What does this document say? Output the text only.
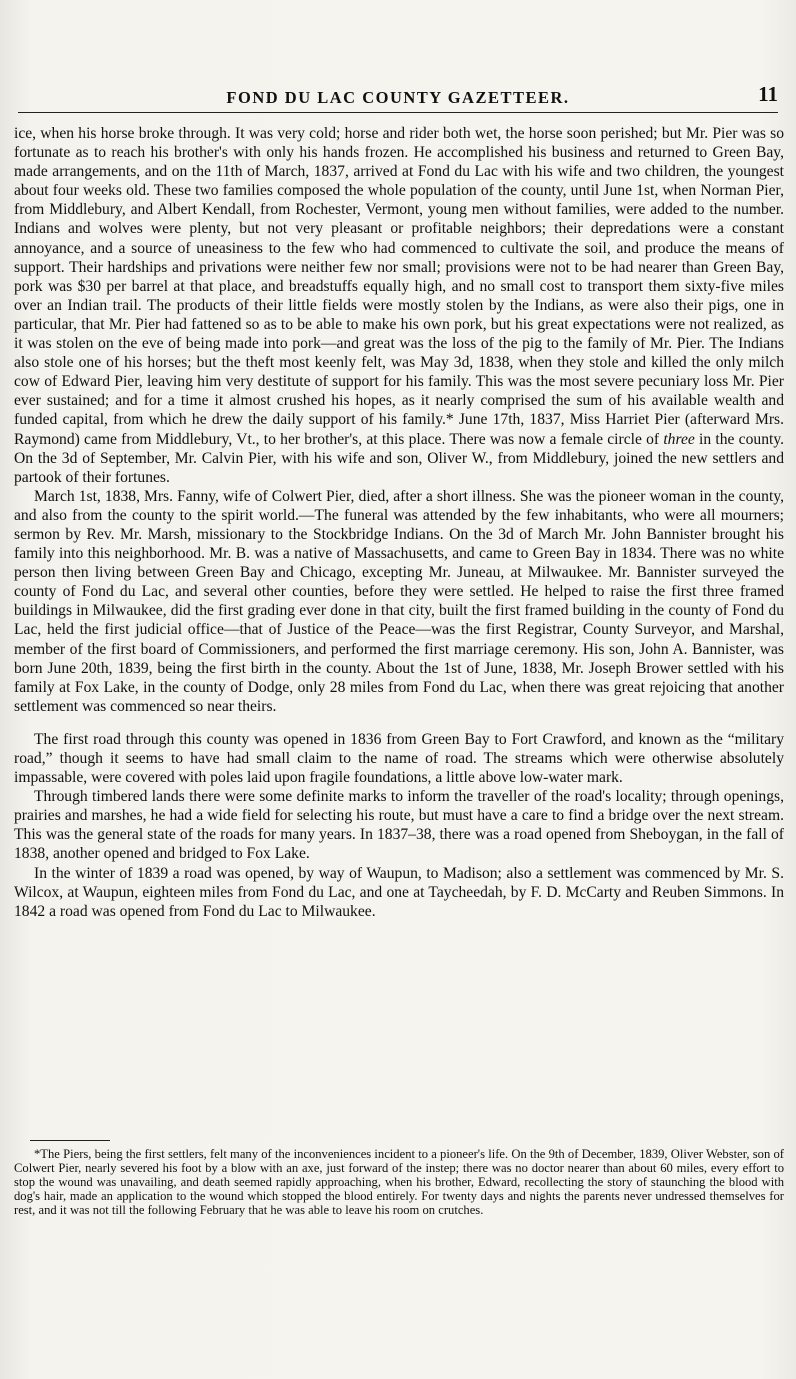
FOND DU LAC COUNTY GAZETTEER.	11

ice, when his horse broke through. It was very cold; horse and rider both wet, the horse soon perished; but Mr. Pier was so fortunate as to reach his brother's with only his hands frozen. He accomplished his business and returned to Green Bay, made arrangements, and on the 11th of March, 1837, arrived at Fond du Lac with his wife and two children, the youngest about four weeks old. These two families composed the whole population of the county, until June 1st, when Norman Pier, from Middlebury, and Albert Kendall, from Rochester, Vermont, young men without families, were added to the number. Indians and wolves were plenty, but not very pleasant or profitable neighbors; their depredations were a constant annoyance, and a source of uneasiness to the few who had commenced to cultivate the soil, and produce the means of support. Their hardships and privations were neither few nor small; provisions were not to be had nearer than Green Bay, pork was $30 per barrel at that place, and breadstuffs equally high, and no small cost to transport them sixty-five miles over an Indian trail. The products of their little fields were mostly stolen by the Indians, as were also their pigs, one in particular, that Mr. Pier had fattened so as to be able to make his own pork, but his great expectations were not realized, as it was stolen on the eve of being made into pork—and great was the loss of the pig to the family of Mr. Pier. The Indians also stole one of his horses; but the theft most keenly felt, was May 3d, 1838, when they stole and killed the only milch cow of Edward Pier, leaving him very destitute of support for his family. This was the most severe pecuniary loss Mr. Pier ever sustained; and for a time it almost crushed his hopes, as it nearly comprised the sum of his available wealth and funded capital, from which he drew the daily support of his family.* June 17th, 1837, Miss Harriet Pier (afterward Mrs. Raymond) came from Middlebury, Vt., to her brother's, at this place. There was now a female circle of three in the county. On the 3d of September, Mr. Calvin Pier, with his wife and son, Oliver W., from Middlebury, joined the new settlers and partook of their fortunes.

March 1st, 1838, Mrs. Fanny, wife of Colwert Pier, died, after a short illness. She was the pioneer woman in the county, and also from the county to the spirit world.—The funeral was attended by the few inhabitants, who were all mourners; sermon by Rev. Mr. Marsh, missionary to the Stockbridge Indians. On the 3d of March Mr. John Bannister brought his family into this neighborhood. Mr. B. was a native of Massachusetts, and came to Green Bay in 1834. There was no white person then living between Green Bay and Chicago, excepting Mr. Juneau, at Milwaukee. Mr. Bannister surveyed the county of Fond du Lac, and several other counties, before they were settled. He helped to raise the first three framed buildings in Milwaukee, did the first grading ever done in that city, built the first framed building in the county of Fond du Lac, held the first judicial office—that of Justice of the Peace—was the first Registrar, County Surveyor, and Marshal, member of the first board of Commissioners, and performed the first marriage ceremony. His son, John A. Bannister, was born June 20th, 1839, being the first birth in the county. About the 1st of June, 1838, Mr. Joseph Brower settled with his family at Fox Lake, in the county of Dodge, only 28 miles from Fond du Lac, when there was great rejoicing that another settlement was commenced so near theirs.

The first road through this county was opened in 1836 from Green Bay to Fort Crawford, and known as the “military road,” though it seems to have had small claim to the name of road. The streams which were otherwise absolutely impassable, were covered with poles laid upon fragile foundations, a little above low-water mark.

Through timbered lands there were some definite marks to inform the traveller of the road's locality; through openings, prairies and marshes, he had a wide field for selecting his route, but must have a care to find a bridge over the next stream. This was the general state of the roads for many years. In 1837–38, there was a road opened from Sheboygan, in the fall of 1838, another opened and bridged to Fox Lake.

In the winter of 1839 a road was opened, by way of Waupun, to Madison; also a settlement was commenced by Mr. S. Wilcox, at Waupun, eighteen miles from Fond du Lac, and one at Taycheedah, by F. D. McCarty and Reuben Simmons. In 1842 a road was opened from Fond du Lac to Milwaukee.

*The Piers, being the first settlers, felt many of the inconveniences incident to a pioneer's life. On the 9th of December, 1839, Oliver Webster, son of Colwert Pier, nearly severed his foot by a blow with an axe, just forward of the instep; there was no doctor nearer than about 60 miles, every effort to stop the wound was unavailing, and death seemed rapidly approaching, when his brother, Edward, recollecting the story of staunching the blood with dog's hair, made an application to the wound which stopped the blood entirely. For twenty days and nights the parents never undressed themselves for rest, and it was not till the following February that he was able to leave his room on crutches.
